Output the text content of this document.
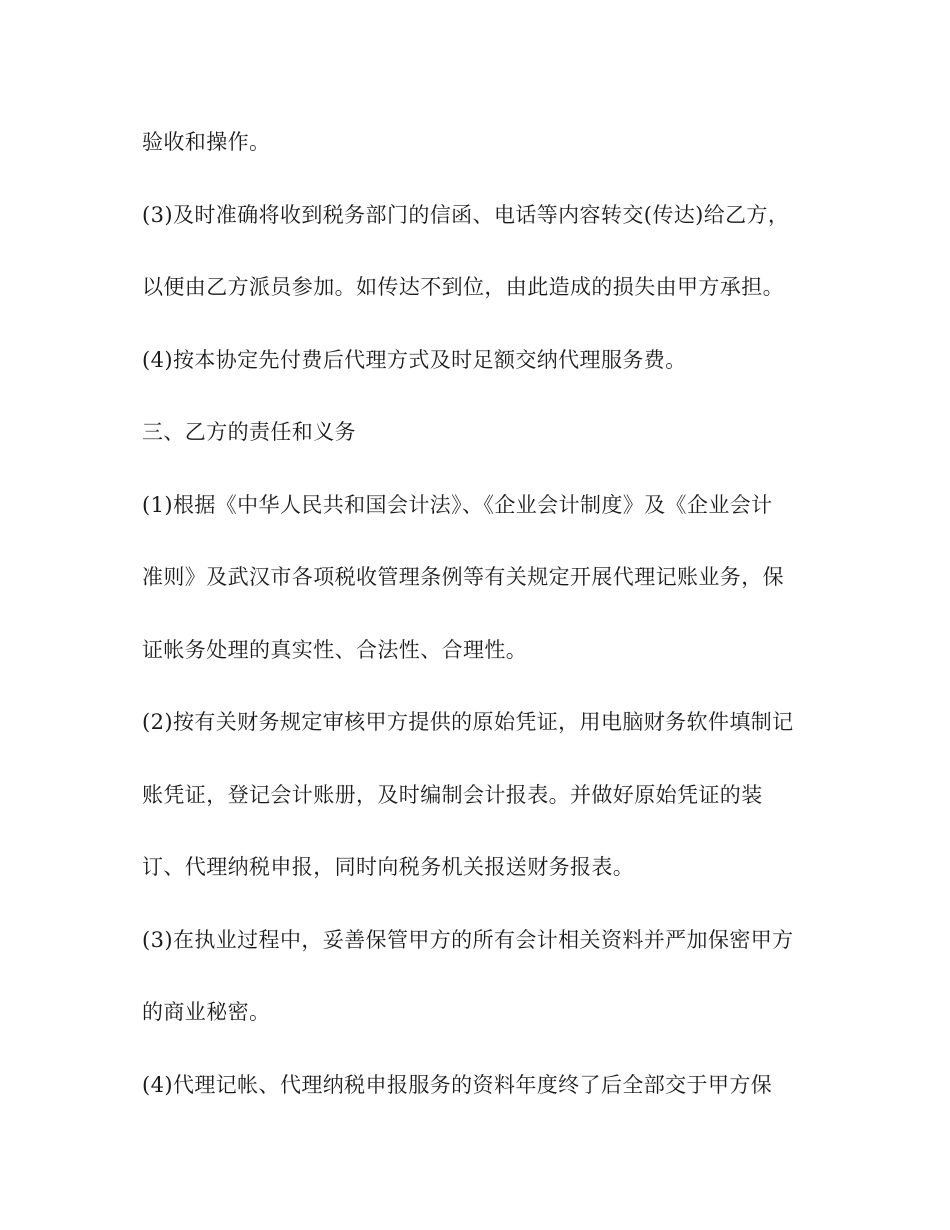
验收和操作。
(3)及时准确将收到税务部门的信函、电话等内容转交(传达)给乙方，
以便由乙方派员参加。如传达不到位，由此造成的损失由甲方承担。
(4)按本协定先付费后代理方式及时足额交纳代理服务费。
三、乙方的责任和义务
(1)根据《中华人民共和国会计法》、《企业会计制度》及《企业会计
准则》及武汉市各项税收管理条例等有关规定开展代理记账业务，保
证帐务处理的真实性、合法性、合理性。
(2)按有关财务规定审核甲方提供的原始凭证，用电脑财务软件填制记
账凭证，登记会计账册，及时编制会计报表。并做好原始凭证的装
订、代理纳税申报，同时向税务机关报送财务报表。
(3)在执业过程中，妥善保管甲方的所有会计相关资料并严加保密甲方
的商业秘密。
(4)代理记帐、代理纳税申报服务的资料年度终了后全部交于甲方保
